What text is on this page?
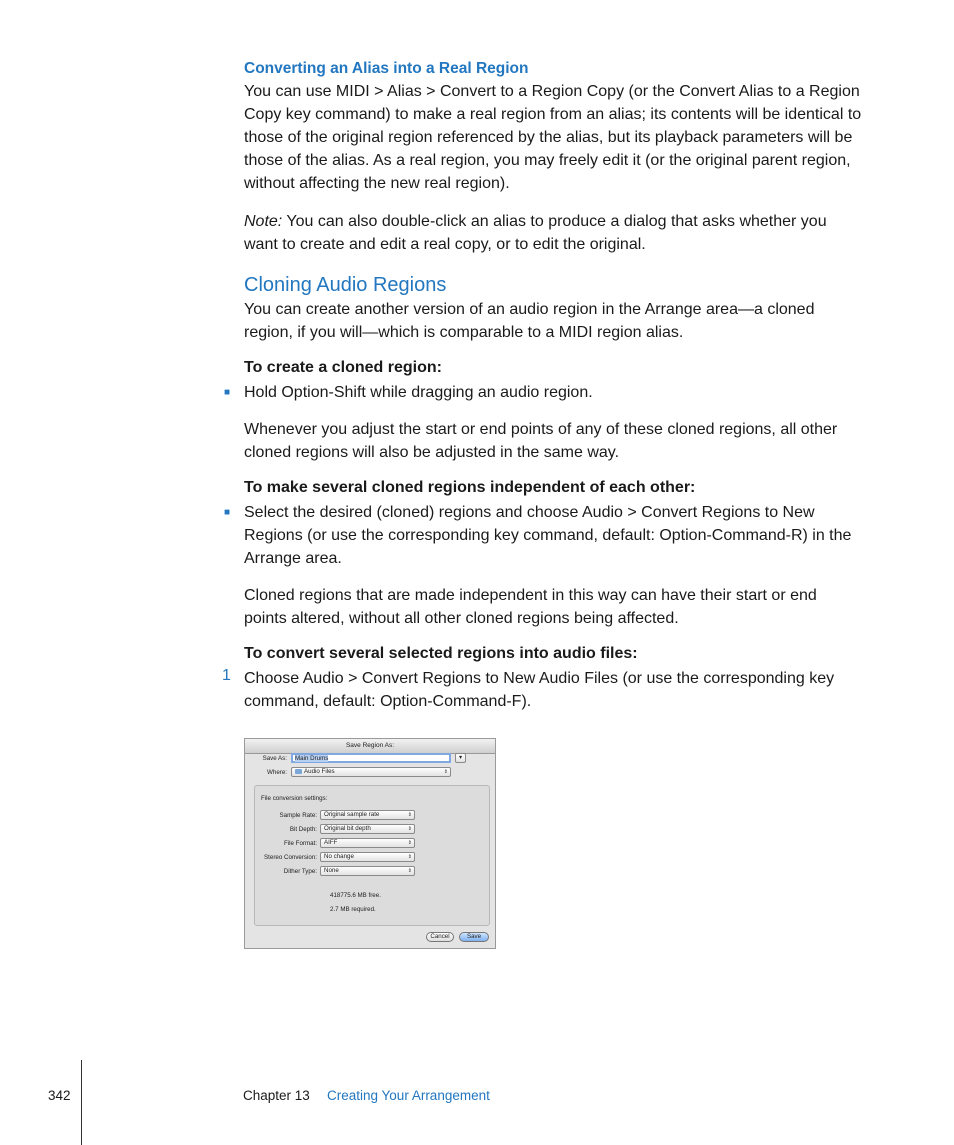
Converting an Alias into a Real Region
You can use MIDI > Alias > Convert to a Region Copy (or the Convert Alias to a Region
Copy key command) to make a real region from an alias; its contents will be identical to
those of the original region referenced by the alias, but its playback parameters will be
those of the alias. As a real region, you may freely edit it (or the original parent region,
without affecting the new real region).
Note: You can also double-click an alias to produce a dialog that asks whether you
want to create and edit a real copy, or to edit the original.
Cloning Audio Regions
You can create another version of an audio region in the Arrange area—a cloned
region, if you will—which is comparable to a MIDI region alias.
To create a cloned region:
■ Hold Option-Shift while dragging an audio region.
Whenever you adjust the start or end points of any of these cloned regions, all other
cloned regions will also be adjusted in the same way.
To make several cloned regions independent of each other:
■ Select the desired (cloned) regions and choose Audio > Convert Regions to New
Regions (or use the corresponding key command, default: Option-Command-R) in the
Arrange area.
Cloned regions that are made independent in this way can have their start or end
points altered, without all other cloned regions being affected.
To convert several selected regions into audio files:
1 Choose Audio > Convert Regions to New Audio Files (or use the corresponding key
command, default: Option-Command-F).
Save Region As:
Save As:	Main Drums	▾
Where:	Audio Files	⇕
File conversion settings:
Sample Rate:	Original sample rate	⇕
Bit Depth:	Original bit depth	⇕
File Format:	AIFF	⇕
Stereo Conversion:	No change	⇕
Dither Type:	None	⇕
418775.6 MB free.
2.7 MB required.
Cancel	Save
342	Chapter 13 Creating Your Arrangement
